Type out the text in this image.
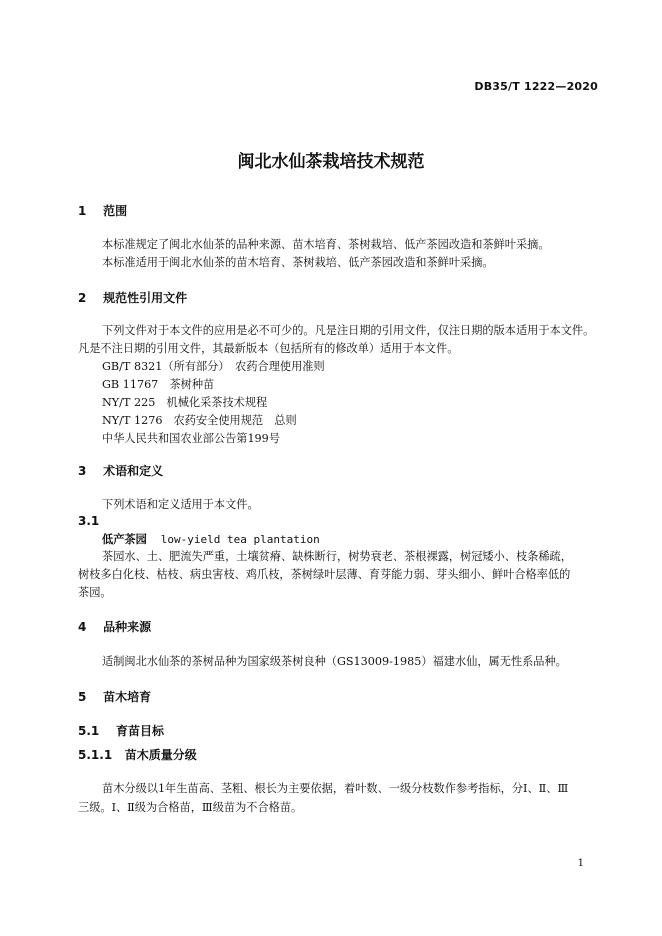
DB35/T 1222—2020
闽北水仙茶栽培技术规范
1 范围
本标准规定了闽北水仙茶的品种来源、苗木培育、茶树栽培、低产茶园改造和茶鲜叶采摘。
本标准适用于闽北水仙茶的苗木培育、茶树栽培、低产茶园改造和茶鲜叶采摘。
2 规范性引用文件
下列文件对于本文件的应用是必不可少的。凡是注日期的引用文件，仅注日期的版本适用于本文件。
凡是不注日期的引用文件，其最新版本（包括所有的修改单）适用于本文件。
GB/T 8321（所有部分）　农药合理使用准则
GB 11767　茶树种苗
NY/T 225　机械化采茶技术规程
NY/T 1276　农药安全使用规范　总则
中华人民共和国农业部公告第199号
3 术语和定义
下列术语和定义适用于本文件。
3.1
低产茶园 low-yield tea plantation
茶园水、土、肥流失严重，土壤贫瘠、缺株断行，树势衰老、茶根裸露，树冠矮小、枝条稀疏，
树枝多白化枝、枯枝、病虫害枝、鸡爪枝，茶树绿叶层薄、育芽能力弱、芽头细小、鲜叶合格率低的
茶园。
4 品种来源
适制闽北水仙茶的茶树品种为国家级茶树良种（GS13009-1985）福建水仙，属无性系品种。
5 苗木培育
5.1 育苗目标
5.1.1 苗木质量分级
苗木分级以1年生苗高、茎粗、根长为主要依据，着叶数、一级分枝数作参考指标，分Ⅰ、Ⅱ、Ⅲ
三级。Ⅰ、Ⅱ级为合格苗，Ⅲ级苗为不合格苗。
1
